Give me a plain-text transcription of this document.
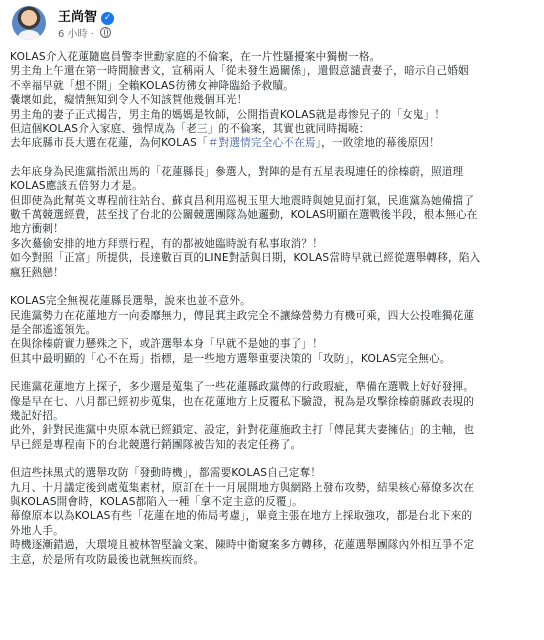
王尚智 ✓
6 小時 ·
KOLAS介入花蓮隨扈員警李世勳家庭的不倫案，在一片性騷擾案中獨樹一格。
男主角上午還在第一時間臉書文，宣稱兩人「從未發生過關係」，還假意譴責妻子，暗示自己婚姻
不幸福早就「想不開」全賴KOLAS彷彿女神降臨給予救贖。
嚢壞如此，癡情無知到令人不知該賀他幾個耳光！
男主角的妻子正式揭告，男主角的媽媽是牧師，公開指責KOLAS就是毒惨兒子的「女鬼」！
但這個KOLAS介入家庭、強悍成為「老三」的不倫案，其實也就同時揭曉：
去年底縣市長大選在花蓮，為何KOLAS「＃對選情完全心不在焉」，一敗塗地的幕後原因！
去年底身為民進黨指派出馬的「花蓮縣長」參選人，對陣的是有五星表現連任的徐榛蔚，照道理
KOLAS應該五倍努力才是。
但即使為此幫英文專程前往站台、蘇貞昌利用巡視玉里大地震時與她見面打氣，民進黨為她備擋了
數千萬競選經費，甚至找了台北的公關競選團隊為她邏動，KOLAS明顯在選戰後半段，根本無心在
地方衝刺！
多次驀偷安排的地方拜票行程，有的都被她臨時說有私事取消？！
如今對照「正富」所提供，長達數百頁的LINE對話與日期，KOLAS當時早就已經從選舉轉移，陷入
瘋狂熱戀！
KOLAS完全無視花蓮縣長選舉，說來也並不意外。
民進黨勢力在花蓮地方一向委靡無力，傳昆萁主政完全不讓綠營勢力有機可乘，四大公投唯獨花蓮
是全部遙遙領先。
在與徐榛蔚實力懸殊之下，或許選舉本身「早就不是她的事了」！
但其中最明顯的「心不在焉」指標，是一些地方選舉重要決策的「攻防」，KOLAS完全無心。
民進黨花蓮地方上探子，多少還是蒐集了一些花蓮縣政黨傳的行政瑕疵，準備在選戰上好好發揮。
像是早在七、八月都已經初步蒐集，也在花蓮地方上反覆私下驗證，視為是攻擊徐榛蔚縣政表現的
幾記好招。
此外，針對民進黨中央原本就已經鎖定、設定，針對花蓮施政主打「傳昆萁夫妻擁佔」的主軸，也
早已經是專程南下的台北競選行銷團隊被告知的表定任務了。
但這些抹黑式的選舉攻防「發動時機」，都需要KOLAS自己定奪！
九月、十月議定後到處蒐集素材，原訂在十一月展開地方與網路上發布攻勢，結果核心幕僚多次在
與KOLAS開會時，KOLAS都陷入一種「拿不定主意的反覆」。
幕僚原本以為KOLAS有些「花蓮在地的佈局考慮」，畢竟主張在地方上採取強攻，都是台北下來的
外地人手。
時機逐漸錯過，大環境且被林智堅論文案、陳時中衛窺案多方轉移，花蓮選舉團隊內外相互爭不定
主意，於是所有攻防最後也就無疾而終。
